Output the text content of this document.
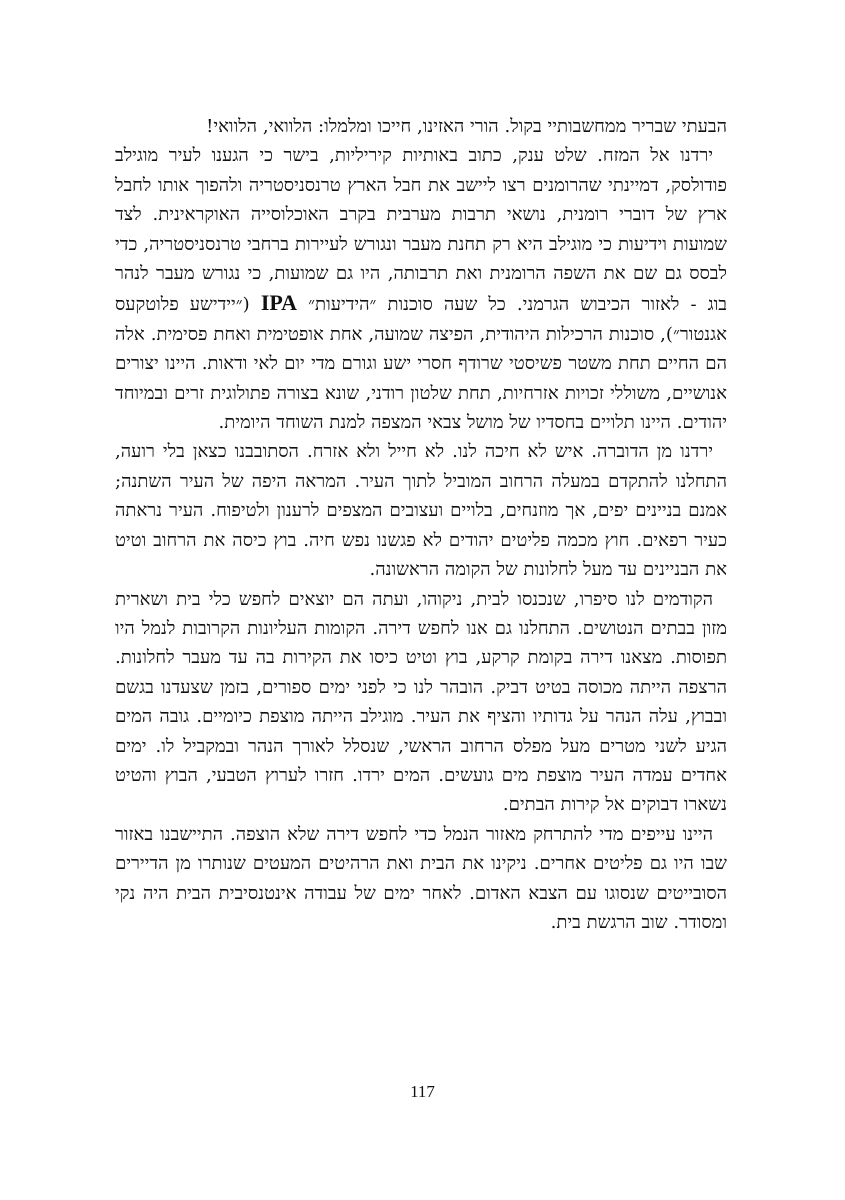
הבעתי שבריר ממחשבותיי בקול. הורי האזינו, חייכו ומלמלו: הלוואי, הלוואי!

ירדנו אל המזח. שלט ענק, כתוב באותיות קיריליות, בישר כי הגענו לעיר מוגילב פודולסק, דמיינתי שהרומנים רצו ליישב את חבל הארץ טרנסניסטריה ולהפוך אותו לחבל ארץ של דוברי רומנית, נושאי תרבות מערבית בקרב האוכלוסייה האוקראינית. לצד שמועות וידיעות כי מוגילב היא רק תחנת מעבר ונגורש לעיירות ברחבי טרנסניסטריה, כדי לבסס גם שם את השפה הרומנית ואת תרבותה, היו גם שמועות, כי נגורש מעבר לנהר בוג - לאזור הכיבוש הגרמני. כל שעה סוכנות ״הידיעות״ IPA (״יידישע פלוטקעס אגנטור״), סוכנות הרכילות היהודית, הפיצה שמועה, אחת אופטימית ואחת פסימית. אלה הם החיים תחת משטר פשיסטי שרודף חסרי ישע וגורם מדי יום לאי ודאות. היינו יצורים אנושיים, משוללי זכויות אזרחיות, תחת שלטון רודני, שונא בצורה פתולוגית זרים ובמיוחד יהודים. היינו תלויים בחסדיו של מושל צבאי המצפה למנת השוחד היומית.

ירדנו מן הדוברה. איש לא חיכה לנו. לא חייל ולא אזרח. הסתובבנו כצאן בלי רועה, התחלנו להתקדם במעלה הרחוב המוביל לתוך העיר. המראה היפה של העיר השתנה; אמנם בניינים יפים, אך מוזנחים, בלויים ועצובים המצפים לרענון ולטיפוח. העיר נראתה כעיר רפאים. חוץ מכמה פליטים יהודים לא פגשנו נפש חיה. בוץ כיסה את הרחוב וטיט את הבניינים עד מעל לחלונות של הקומה הראשונה.

הקודמים לנו סיפרו, שנכנסו לבית, ניקוהו, ועתה הם יוצאים לחפש כלי בית ושארית מזון בבתים הנטושים. התחלנו גם אנו לחפש דירה. הקומות העליונות הקרובות לנמל היו תפוסות. מצאנו דירה בקומת קרקע, בוץ וטיט כיסו את הקירות בה עד מעבר לחלונות. הרצפה הייתה מכוסה בטיט דביק. הובהר לנו כי לפני ימים ספורים, בזמן שצעדנו בגשם ובבוץ, עלה הנהר על גדותיו והציף את העיר. מוגילב הייתה מוצפת כיומיים. גובה המים הגיע לשני מטרים מעל מפלס הרחוב הראשי, שנסלל לאורך הנהר ובמקביל לו. ימים אחדים עמדה העיר מוצפת מים גועשים. המים ירדו. חזרו לערוץ הטבעי, הבוץ והטיט נשארו דבוקים אל קירות הבתים.

היינו עייפים מדי להתרחק מאזור הנמל כדי לחפש דירה שלא הוצפה. התיישבנו באזור שבו היו גם פליטים אחרים. ניקינו את הבית ואת הרהיטים המעטים שנותרו מן הדיירים הסובייטים שנסוגו עם הצבא האדום. לאחר ימים של עבודה אינטנסיבית הבית היה נקי ומסודר. שוב הרגשת בית.

117
